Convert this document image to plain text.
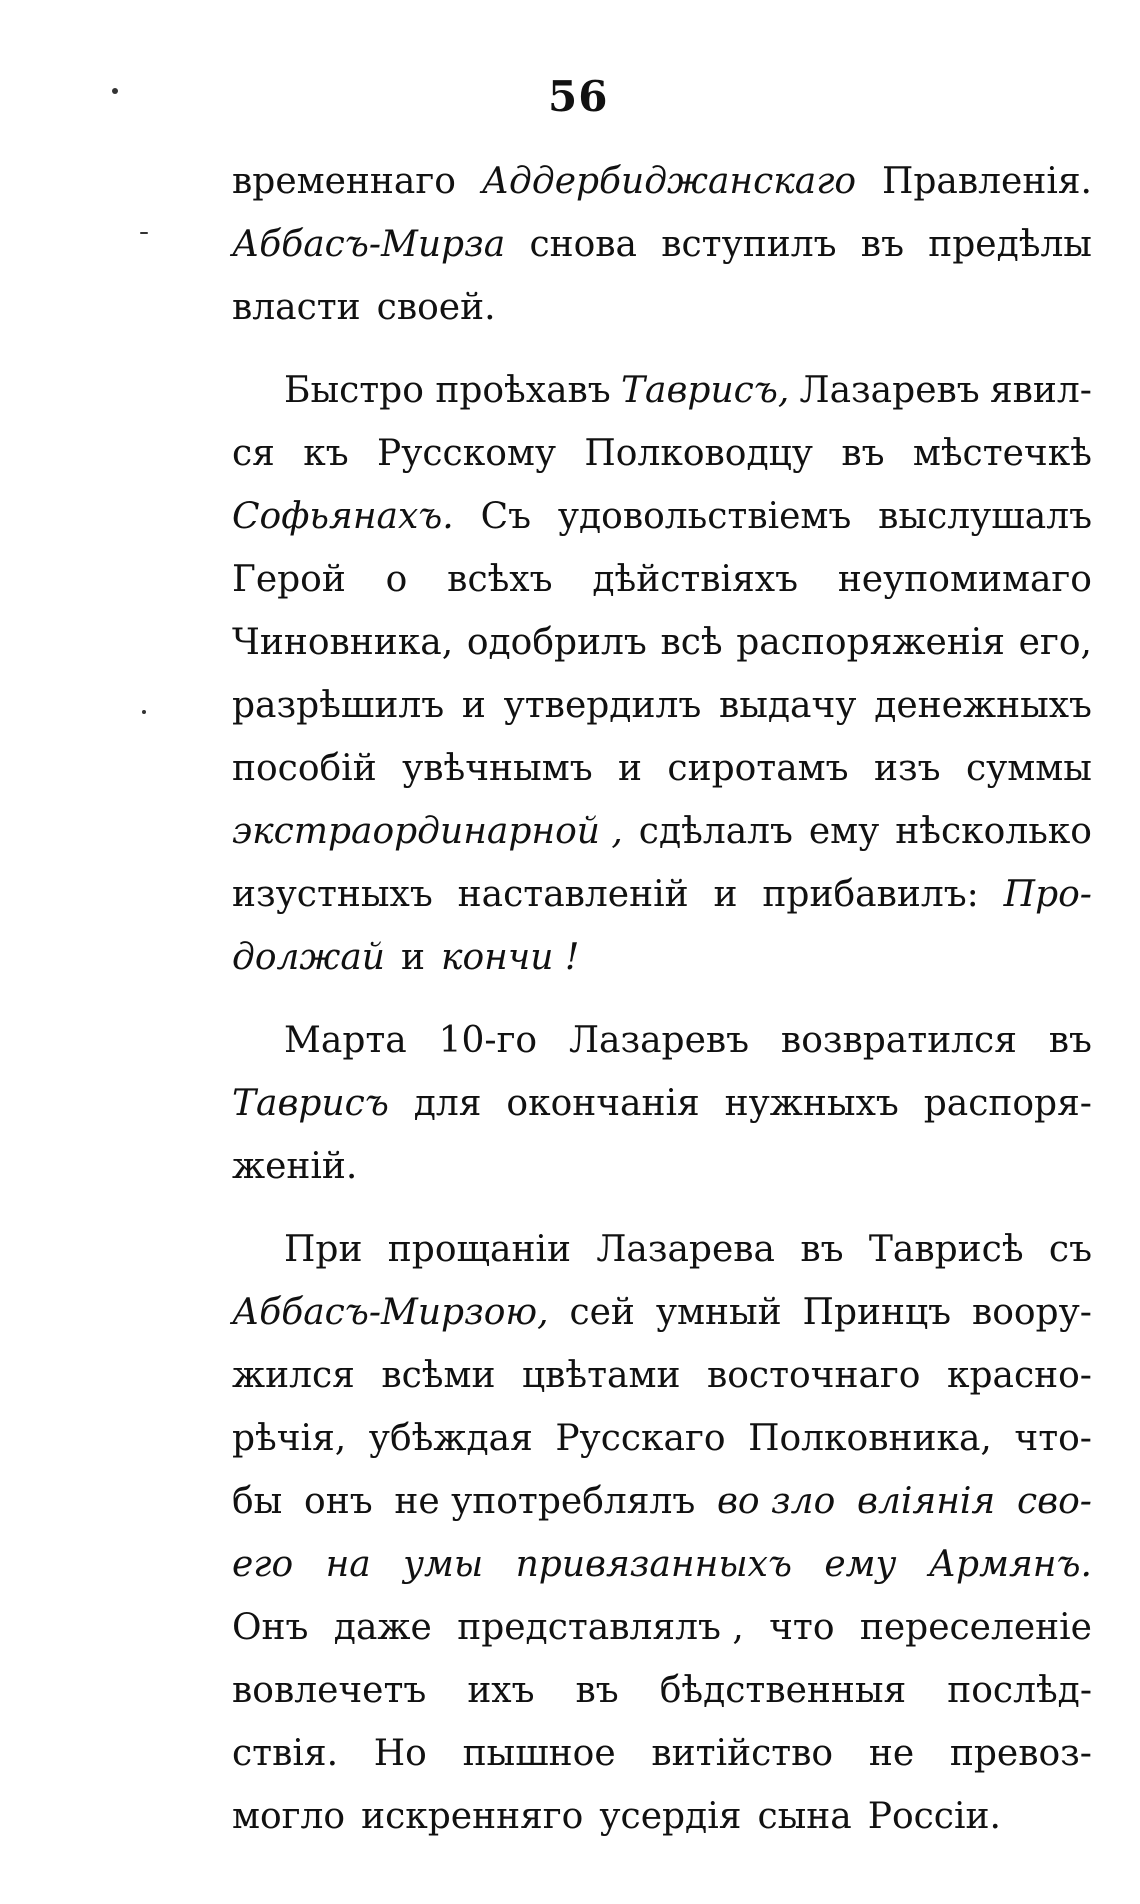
56
временнаго Аддербиджанскаго Правленія.
Аббасъ-Мирза снова вступилъ въ предѣлы
власти своей.
Быстро проѣхавъ Таврисъ, Лазаревъ явил-
ся къ Русскому Полководцу въ мѣстечкѣ
Софьянахъ. Съ удовольствіемъ выслушалъ
Герой о всѣхъ дѣйствіяхъ неупомимаго
Чиновника, одобрилъ всѣ распоряженія его,
разрѣшилъ и утвердилъ выдачу денежныхъ
пособій увѣчнымъ и сиротамъ изъ суммы
экстраординарной , сдѣлалъ ему нѣсколько
изустныхъ наставленій и прибавилъ: Про-
должай и кончи !
Марта 10-го Лазаревъ возвратился въ
Таврисъ для окончанія нужныхъ распоря-
женій.
При прощаніи Лазарева въ Таврисѣ съ
Аббасъ-Мирзою, сей умный Принцъ вооpу-
жился всѣми цвѣтами восточнаго красно-
рѣчія, убѣждая Русскаго Полковника, что-
бы онъ не употреблялъ во зло вліянія сво-
его на умы привязанныхъ ему Армянъ.
Онъ даже представлялъ , что переселеніе
вовлечетъ ихъ въ бѣдственныя послѣд-
ствія. Но пышное витійство не превоз-
могло искренняго усердія сына Россіи.
